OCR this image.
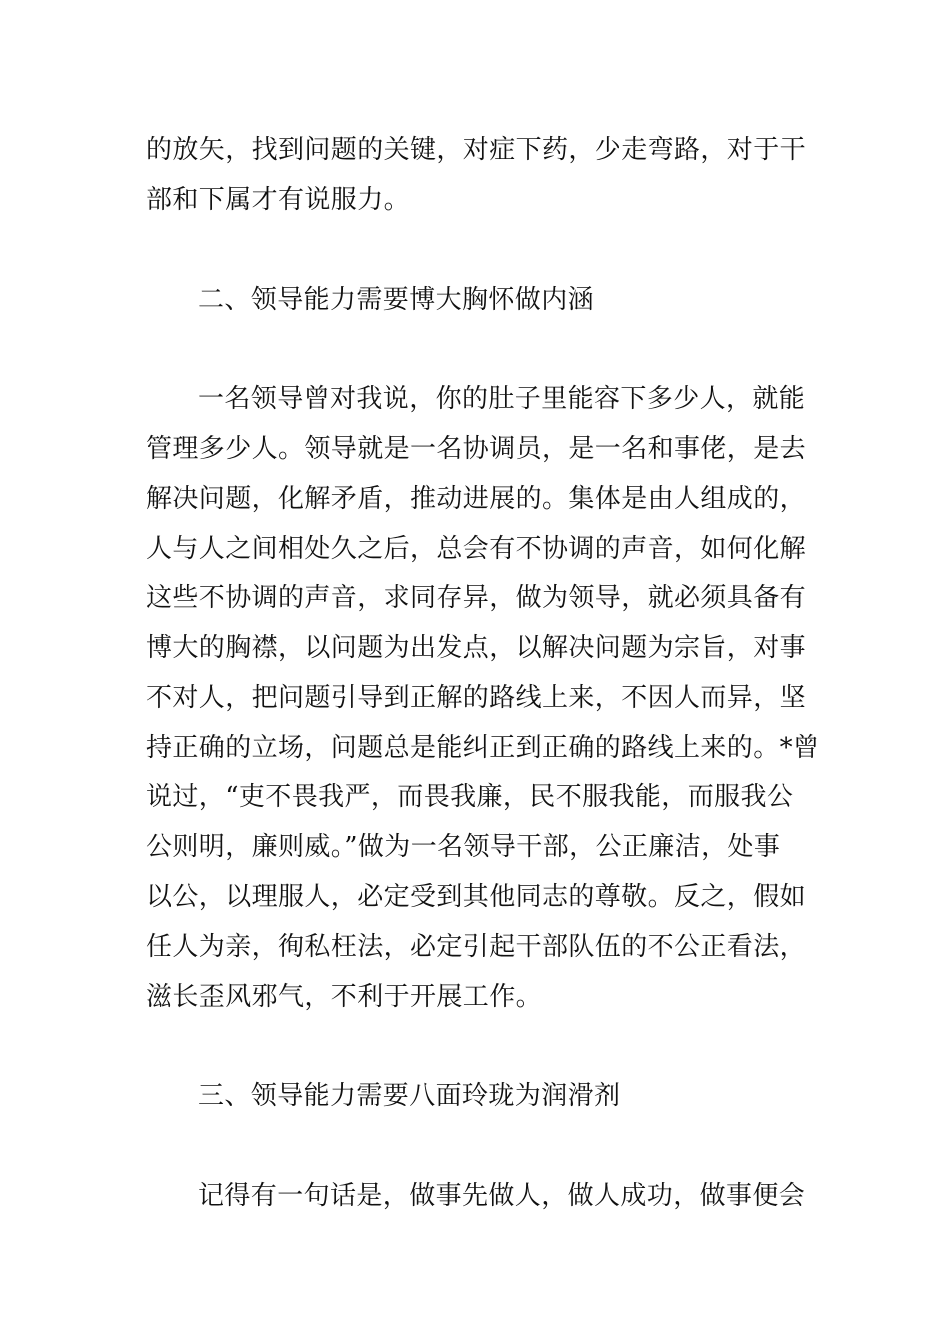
的放矢，找到问题的关键，对症下药，少走弯路，对于干
部和下属才有说服力。
二、领导能力需要博大胸怀做内涵
一名领导曾对我说，你的肚子里能容下多少人，就能
管理多少人。领导就是一名协调员，是一名和事佬，是去
解决问题，化解矛盾，推动进展的。集体是由人组成的，
人与人之间相处久之后，总会有不协调的声音，如何化解
这些不协调的声音，求同存异，做为领导，就必须具备有
博大的胸襟，以问题为出发点，以解决问题为宗旨，对事
不对人，把问题引导到正解的路线上来，不因人而异，坚
持正确的立场，问题总是能纠正到正确的路线上来的。*曾
说过，“吏不畏我严，而畏我廉，民不服我能，而服我公
公则明，廉则威。”做为一名领导干部，公正廉洁，处事
以公，以理服人，必定受到其他同志的尊敬。反之，假如
任人为亲，徇私枉法，必定引起干部队伍的不公正看法，
滋长歪风邪气，不利于开展工作。
三、领导能力需要八面玲珑为润滑剂
记得有一句话是，做事先做人，做人成功，做事便会
